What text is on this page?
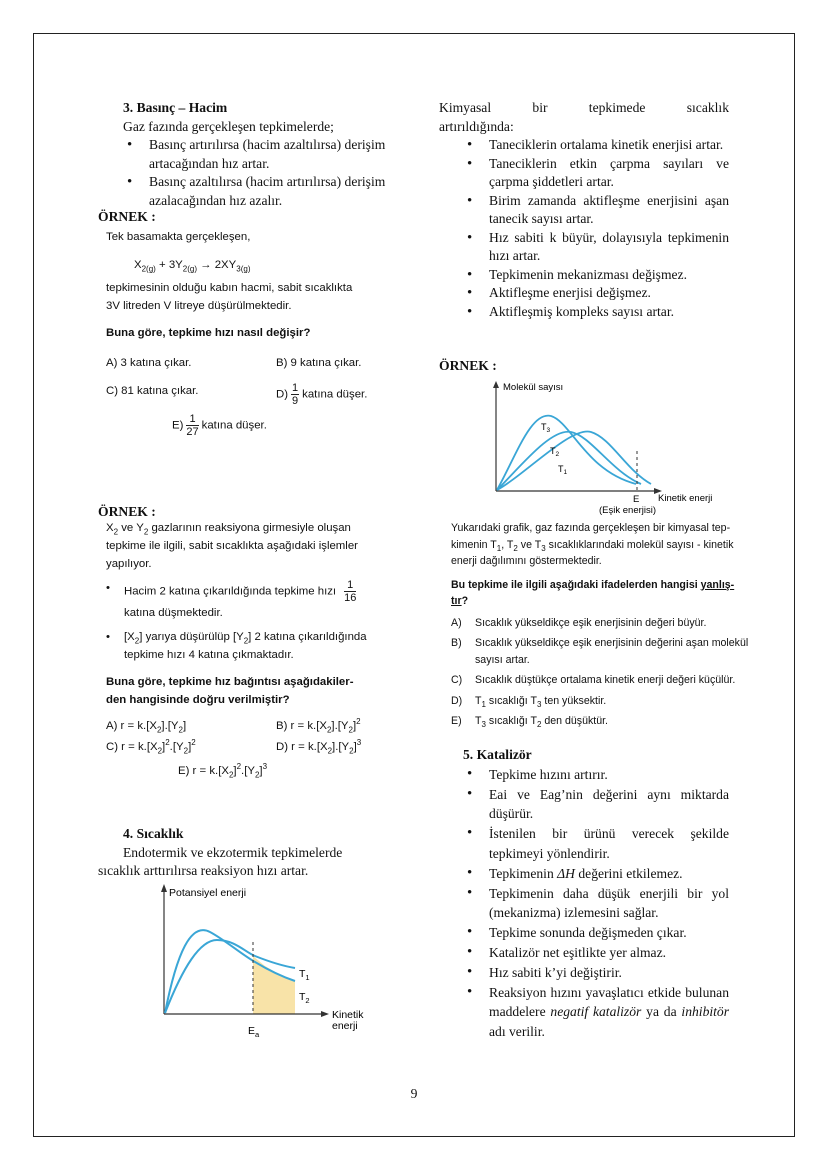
3. Basınç – Hacim
Gaz fazında gerçekleşen tepkimelerde;
• Basınç artırılırsa (hacim azaltılırsa) derişim artacağından hız artar.
• Basınç azaltılırsa (hacim artırılırsa) derişim azalacağından hız azalır.
ÖRNEK :
Tek basamakta gerçekleşen,
$X_{2(g)} + 3Y_{2(g)} \to 2XY_{3(g)}$
tepkimesinin olduğu kabın hacmi, sabit sıcaklıkta
3V litreden V litreye düşürülmektedir.
Buna göre, tepkime hızı nasıl değişir?
A) 3 katına çıkar.	B) 9 katına çıkar.
C) 81 katına çıkar.	$D) \frac{1}{9}$ katına düşer.
$E) \frac{1}{27}$ katına düşer.
ÖRNEK :
$X_2$ ve $Y_2$ gazlarının reaksiyona girmesiyle oluşan
tepkime ile ilgili, sabit sıcaklıkta aşağıdaki işlemler
yapılıyor.
• Hacim 2 katına çıkarıldığında tepkime hızı $\frac{1}{16}$

katına düşmektedir.
• $[X_2]$ yarıya düşürülüp $[Y_2]$ 2 katına çıkarıldığında
tepkime hızı 4 katına çıkmaktadır.
Buna göre, tepkime hız bağıntısı aşağıdakiler-
den hangisinde doğru verilmiştir?
A) $r = k.[X_2].[Y_2]$	B) $r = k.[X_2].[Y_2]^2$
C) $r = k.[X_2]^2.[Y_2]^2$	D) $r = k.[X_2].[Y_2]^3$
E) $r = k.[X_2]^2.[Y_2]^3$
4. Sıcaklık
Endotermik ve ekzotermik tepkimelerde
sıcaklık arttırılırsa reaksiyon hızı artar.
Potansiyel enerji
$T_1$
$T_2$
Kinetik
enerji
$E_a$
Kimyasal bir tepkimede sıcaklık
artırıldığında:
• Taneciklerin ortalama kinetik enerjisi artar.
• Taneciklerin etkin çarpma sayıları ve çarpma şiddetleri artar.
• Birim zamanda aktifleşme enerjisini aşan tanecik sayısı artar.
• Hız sabiti k büyür, dolayısıyla tepkimenin hızı artar.
• Tepkimenin mekanizması değişmez.
• Aktifleşme enerjisi değişmez.
• Aktifleşmiş kompleks sayısı artar.
ÖRNEK :
Molekül sayısı
$T_3$
$T_2$
$T_1$
E Kinetik enerji
(Eşik enerjisi)
Yukarıdaki grafik, gaz fazında gerçekleşen bir kimyasal tep-
kimenin $T_1$, $T_2$ ve $T_3$ sıcaklıklarındaki molekül sayısı - kinetik
enerji dağılımını göstermektedir.
Bu tepkime ile ilgili aşağıdaki ifadelerden hangisi yanlış-
tır?
A)	Sıcaklık yükseldikçe eşik enerjisinin değeri büyür.
B)	Sıcaklık yükseldikçe eşik enerjisinin değerini aşan molekül
sayısı artar.
C)	Sıcaklık düştükçe ortalama kinetik enerji değeri küçülür.
D)	$T_1$ sıcaklığı $T_3$ ten yüksektir.
E)	$T_3$ sıcaklığı $T_2$ den düşüktür.
5. Katalizör
• Tepkime hızını artırır.
• Eai ve Eag’nin değerini aynı miktarda düşürür.
• İstenilen bir ürünü verecek şekilde tepkimeyi yönlendirir.
• Tepkimenin ΔH değerini etkilemez.
• Tepkimenin daha düşük enerjili bir yol (mekanizma) izlemesini sağlar.
• Tepkime sonunda değişmeden çıkar.
• Katalizör net eşitlikte yer almaz.
• Hız sabiti k’yi değiştirir.
• Reaksiyon hızını yavaşlatıcı etkide bulunan maddelere negatif katalizör ya da inhibitör adı verilir.
9
